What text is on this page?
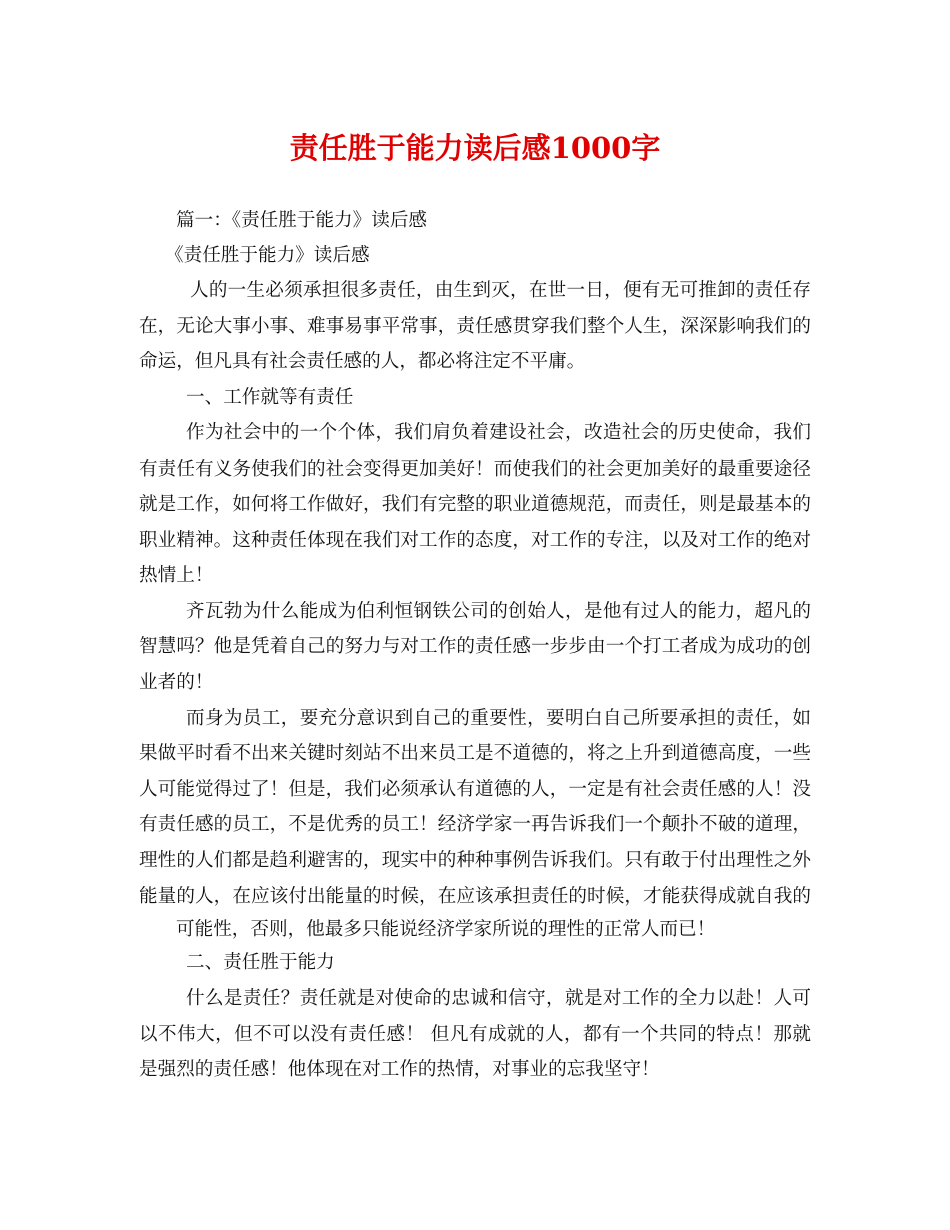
责任胜于能力读后感1000字
篇一：《责任胜于能力》读后感
《责任胜于能力》读后感
人的一生必须承担很多责任，由生到灭，在世一日，便有无可推卸的责任存
在，无论大事小事、难事易事平常事，责任感贯穿我们整个人生，深深影响我们的
命运，但凡具有社会责任感的人，都必将注定不平庸。
一、工作就等有责任
作为社会中的一个个体，我们肩负着建设社会，改造社会的历史使命，我们
有责任有义务使我们的社会变得更加美好！而使我们的社会更加美好的最重要途径
就是工作，如何将工作做好，我们有完整的职业道德规范，而责任，则是最基本的
职业精神。这种责任体现在我们对工作的态度，对工作的专注，以及对工作的绝对
热情上！
齐瓦勃为什么能成为伯利恒钢铁公司的创始人，是他有过人的能力，超凡的
智慧吗？他是凭着自己的努力与对工作的责任感一步步由一个打工者成为成功的创
业者的！
而身为员工，要充分意识到自己的重要性，要明白自己所要承担的责任，如
果做平时看不出来关键时刻站不出来员工是不道德的，将之上升到道德高度，一些
人可能觉得过了！但是，我们必须承认有道德的人，一定是有社会责任感的人！没
有责任感的员工，不是优秀的员工！经济学家一再告诉我们一个颠扑不破的道理，
理性的人们都是趋利避害的，现实中的种种事例告诉我们。只有敢于付出理性之外
能量的人，在应该付出能量的时候，在应该承担责任的时候，才能获得成就自我的
可能性，否则，他最多只能说经济学家所说的理性的正常人而已！
二、责任胜于能力
什么是责任？责任就是对使命的忠诚和信守，就是对工作的全力以赴！人可
以不伟大，但不可以没有责任感！ 但凡有成就的人，都有一个共同的特点！那就
是强烈的责任感！他体现在对工作的热情，对事业的忘我坚守！
